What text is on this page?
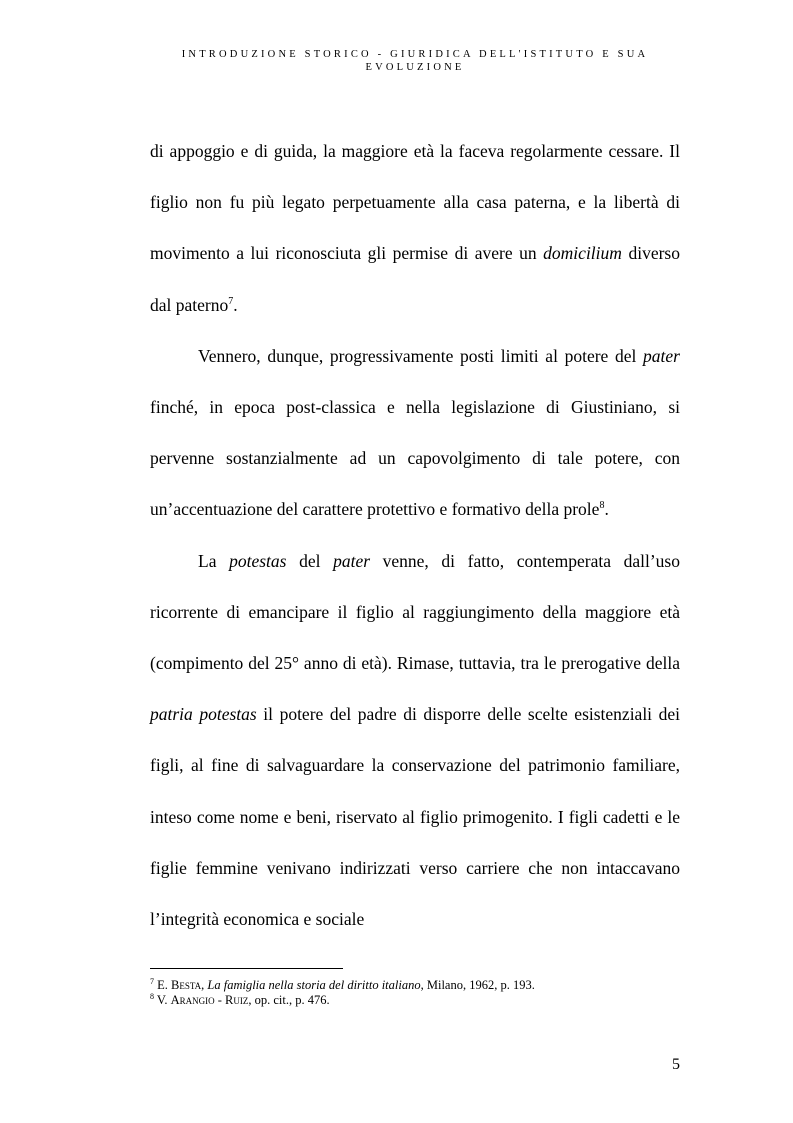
INTRODUZIONE STORICO - GIURIDICA DELL'ISTITUTO E SUA
EVOLUZIONE

di appoggio e di guida, la maggiore età la faceva regolarmente cessare. Il figlio non fu più legato perpetuamente alla casa paterna, e la libertà di movimento a lui riconosciuta gli permise di avere un domicilium diverso dal paterno$^7$.

Vennero, dunque, progressivamente posti limiti al potere del pater finché, in epoca post-classica e nella legislazione di Giustiniano, si pervenne sostanzialmente ad un capovolgimento di tale potere, con un’accentuazione del carattere protettivo e formativo della prole$^8$.

La potestas del pater venne, di fatto, contemperata dall’uso ricorrente di emancipare il figlio al raggiungimento della maggiore età (compimento del 25° anno di età). Rimase, tuttavia, tra le prerogative della patria potestas il potere del padre di disporre delle scelte esistenziali dei figli, al fine di salvaguardare la conservazione del patrimonio familiare, inteso come nome e beni, riservato al figlio primogenito. I figli cadetti e le figlie femmine venivano indirizzati verso carriere che non intaccavano l’integrità economica e sociale

$^7$ E. Besta, La famiglia nella storia del diritto italiano, Milano, 1962, p. 193.
$^8$ V. Arangio - Ruiz, op. cit., p. 476.
5
